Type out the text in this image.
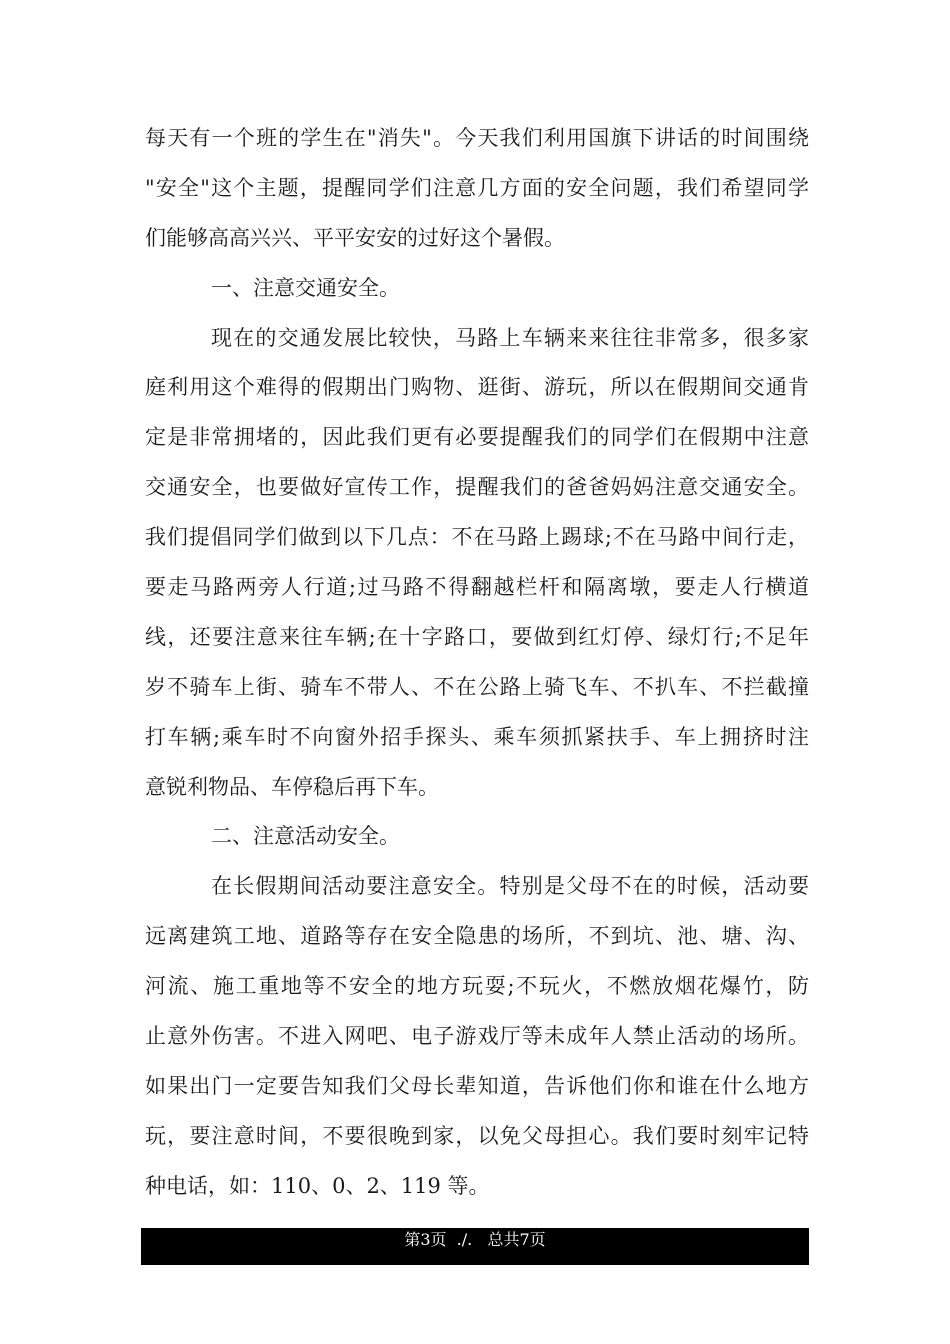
每天有一个班的学生在"消失"。今天我们利用国旗下讲话的时间围绕
"安全"这个主题，提醒同学们注意几方面的安全问题，我们希望同学
们能够高高兴兴、平平安安的过好这个暑假。
一、注意交通安全。
现在的交通发展比较快，马路上车辆来来往往非常多，很多家
庭利用这个难得的假期出门购物、逛街、游玩，所以在假期间交通肯
定是非常拥堵的，因此我们更有必要提醒我们的同学们在假期中注意
交通安全，也要做好宣传工作，提醒我们的爸爸妈妈注意交通安全。
我们提倡同学们做到以下几点：不在马路上踢球;不在马路中间行走，
要走马路两旁人行道;过马路不得翻越栏杆和隔离墩，要走人行横道
线，还要注意来往车辆;在十字路口，要做到红灯停、绿灯行;不足年
岁不骑车上街、骑车不带人、不在公路上骑飞车、不扒车、不拦截撞
打车辆;乘车时不向窗外招手探头、乘车须抓紧扶手、车上拥挤时注
意锐利物品、车停稳后再下车。
二、注意活动安全。
在长假期间活动要注意安全。特别是父母不在的时候，活动要
远离建筑工地、道路等存在安全隐患的场所，不到坑、池、塘、沟、
河流、施工重地等不安全的地方玩耍;不玩火，不燃放烟花爆竹，防
止意外伤害。不进入网吧、电子游戏厅等未成年人禁止活动的场所。
如果出门一定要告知我们父母长辈知道，告诉他们你和谁在什么地方
玩，要注意时间，不要很晚到家，以免父母担心。我们要时刻牢记特
种电话，如：110、0、2、119 等。
第3页  ./.   总共7页
